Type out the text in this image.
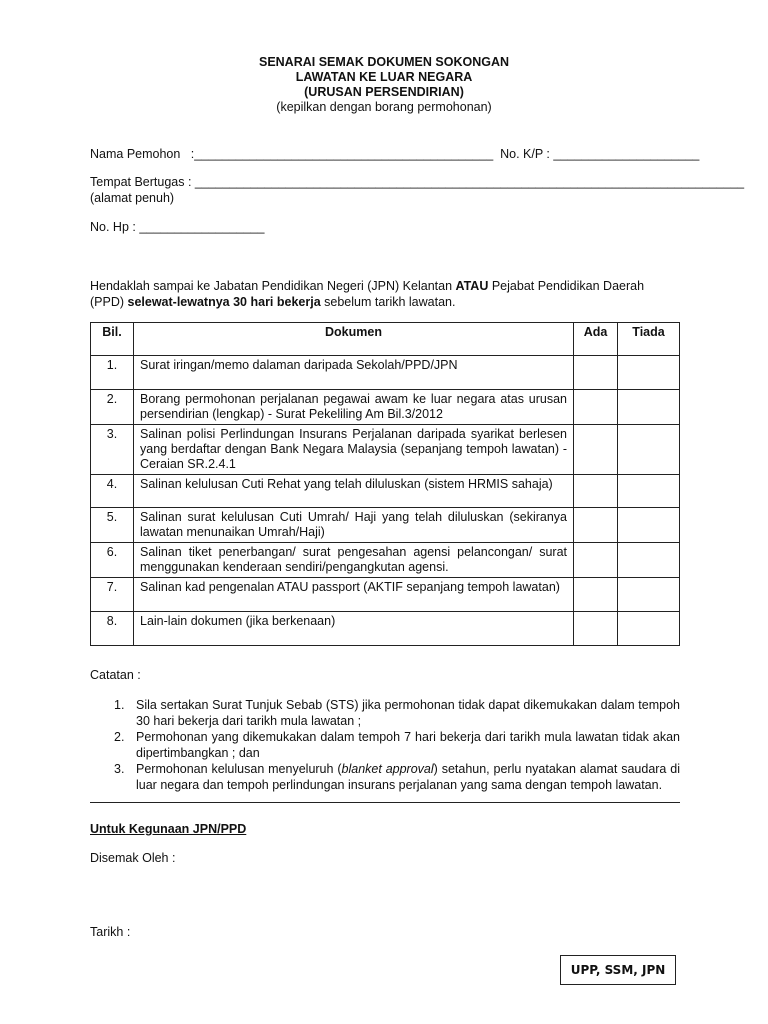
SENARAI SEMAK DOKUMEN SOKONGAN
LAWATAN KE LUAR NEGARA
(URUSAN PERSENDIRIAN)
(kepilkan dengan borang permohonan)
Nama Pemohon   :___________________________________________  No. K/P : _____________________
Tempat Bertugas : _______________________________________________________________________________
(alamat penuh)
No. Hp : __________________
Hendaklah sampai ke Jabatan Pendidikan Negeri (JPN) Kelantan ATAU Pejabat Pendidikan Daerah (PPD) selewat-lewatnya 30 hari bekerja sebelum tarikh lawatan.
Bil.	Dokumen	Ada	Tiada
1.	Surat iringan/memo dalaman daripada Sekolah/PPD/JPN		
2.	Borang permohonan perjalanan pegawai awam ke luar negara atas urusan persendirian (lengkap) - Surat Pekeliling Am Bil.3/2012		
3.	Salinan polisi Perlindungan Insurans Perjalanan daripada syarikat berlesen yang berdaftar dengan Bank Negara Malaysia (sepanjang tempoh lawatan) - Ceraian SR.2.4.1		
4.	Salinan kelulusan Cuti Rehat yang telah diluluskan (sistem HRMIS sahaja)		
5.	Salinan surat kelulusan Cuti Umrah/ Haji yang telah diluluskan (sekiranya lawatan menunaikan Umrah/Haji)		
6.	Salinan tiket penerbangan/ surat pengesahan agensi pelancongan/ surat menggunakan kenderaan sendiri/pengangkutan agensi.		
7.	Salinan kad pengenalan ATAU passport (AKTIF sepanjang tempoh lawatan)		
8.	Lain-lain dokumen (jika berkenaan)		
Catatan :
1. Sila sertakan Surat Tunjuk Sebab (STS) jika permohonan tidak dapat dikemukakan dalam tempoh 30 hari bekerja dari tarikh mula lawatan ;
2. Permohonan yang dikemukakan dalam tempoh 7 hari bekerja dari tarikh mula lawatan tidak akan dipertimbangkan ; dan
3. Permohonan kelulusan menyeluruh (blanket approval) setahun, perlu nyatakan alamat saudara di luar negara dan tempoh perlindungan insurans perjalanan yang sama dengan tempoh lawatan.
Untuk Kegunaan JPN/PPD
Disemak Oleh :
Tarikh :
UPP, SSM, JPN
